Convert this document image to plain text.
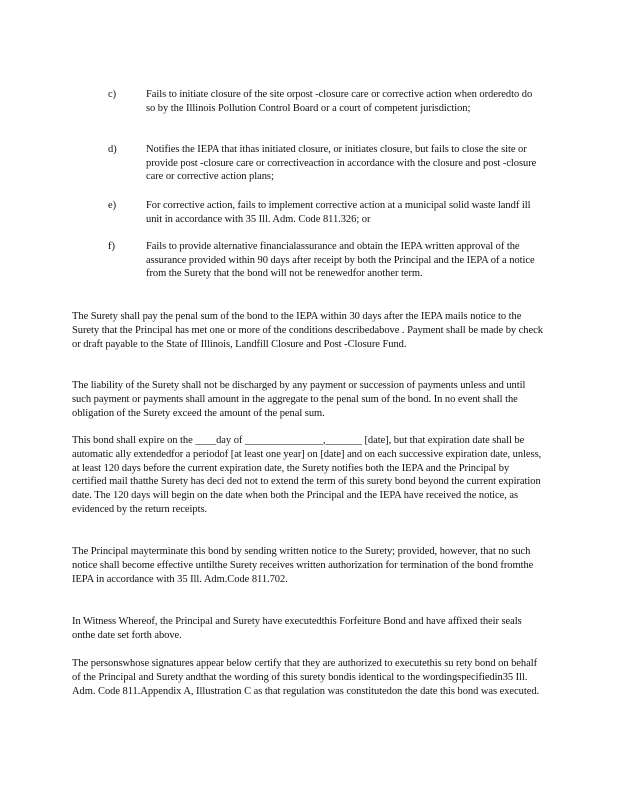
c)	Fails to initiate closure of the site orpost -closure care or corrective action when orderedto do so by the Illinois Pollution Control Board or a court of competent jurisdiction;
d)	Notifies the IEPA that ithas initiated closure, or initiates closure, but fails to close the site or provide post -closure care or correctiveaction in accordance with the closure and post -closure care or corrective action plans;
e)	For corrective action, fails to implement corrective action at a municipal solid waste landf ill unit in accordance with 35 Ill. Adm. Code 811.326; or
f)	Fails to provide alternative financialassurance and obtain the IEPA written approval of the assurance provided within 90 days after receipt by both the Principal and the IEPA of a notice from the Surety that the bond will not be renewedfor another term.

The Surety shall pay the penal sum of the bond to the IEPA within 30 days after the IEPA mails notice to the Surety that the Principal has met one or more of the conditions describedabove . Payment shall be made by check or draft payable to the State of Illinois, Landfill Closure and Post -Closure Fund.

The liability of the Surety shall not be discharged by any payment or succession of payments unless and until such payment or payments shall amount in the aggregate to the penal sum of the bond. In no event shall the obligation of the Surety exceed the amount of the penal sum.

This bond shall expire on the ____day of _______________,_______ [date], but that expiration date shall be automatic ally extendedfor a periodof [at least one year] on [date] and on each successive expiration date, unless, at least 120 days before the current expiration date, the Surety notifies both the IEPA and the Principal by certified mail thatthe Surety has deci ded not to extend the term of this surety bond beyond the current expiration date. The 120 days will begin on the date when both the Principal and the IEPA have received the notice, as evidenced by the return receipts.

The Principal mayterminate this bond by sending written notice to the Surety; provided, however, that no such notice shall become effective untilthe Surety receives written authorization for termination of the bond fromthe IEPA in accordance with 35 Ill. Adm.Code 811.702.

In Witness Whereof, the Principal and Surety have executedthis Forfeiture Bond and have affixed their seals onthe date set forth above.

The personswhose signatures appear below certify that they are authorized to executethis su rety bond on behalf of the Principal and Surety andthat the wording of this surety bondis identical to the wordingspecifiedin35 Ill. Adm. Code 811.Appendix A, Illustration C as that regulation was constitutedon the date this bond was executed.
